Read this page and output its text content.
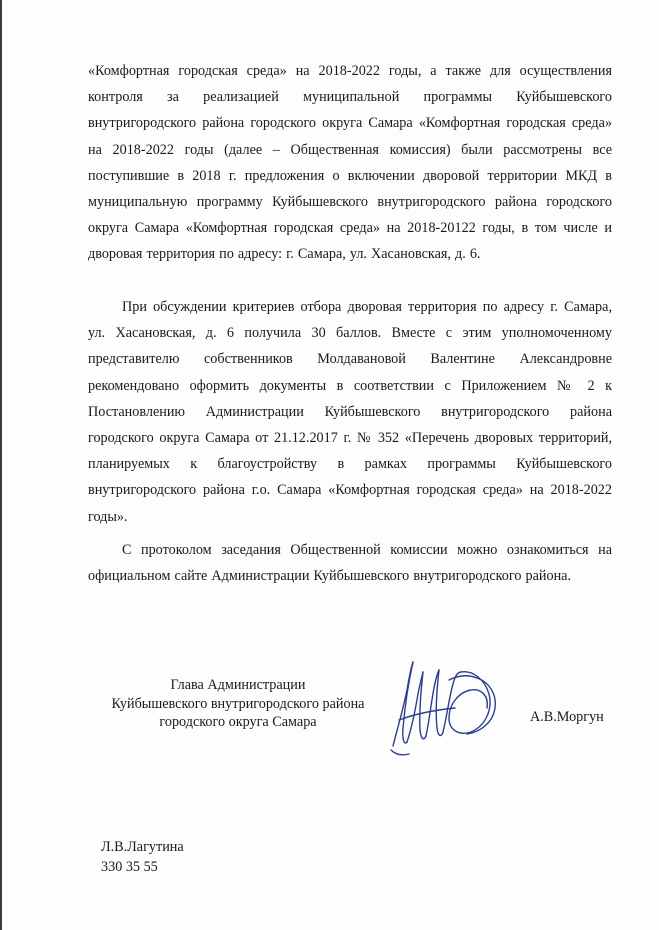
«Комфортная городская среда» на 2018-2022 годы, а также для осуществления контроля за реализацией муниципальной программы Куйбышевского внутригородского района городского округа Самара «Комфортная городская среда» на 2018-2022 годы (далее – Общественная комиссия) были рассмотрены все поступившие в 2018 г. предложения о включении дворовой территории МКД в муниципальную программу Куйбышевского внутригородского района городского округа Самара «Комфортная городская среда» на 2018-20122 годы, в том числе и дворовая территория по адресу: г. Самара, ул. Хасановская, д. 6.

При обсуждении критериев отбора дворовая территория по адресу г. Самара, ул. Хасановская, д. 6 получила 30 баллов. Вместе с этим уполномоченному представителю собственников Молдавановой Валентине Александровне рекомендовано оформить документы в соответствии с Приложением № 2 к Постановлению Администрации Куйбышевского внутригородского района городского округа Самара от 21.12.2017 г. № 352 «Перечень дворовых территорий, планируемых к благоустройству в рамках программы Куйбышевского внутригородского района г.о. Самара «Комфортная городская среда» на 2018-2022 годы».

С протоколом заседания Общественной комиссии можно ознакомиться на официальном сайте Администрации Куйбышевского внутригородского района.

Глава Администрации
Куйбышевского внутригородского района
городского округа Самара	А.В.Моргун
Л.В.Лагутина
330 35 55
